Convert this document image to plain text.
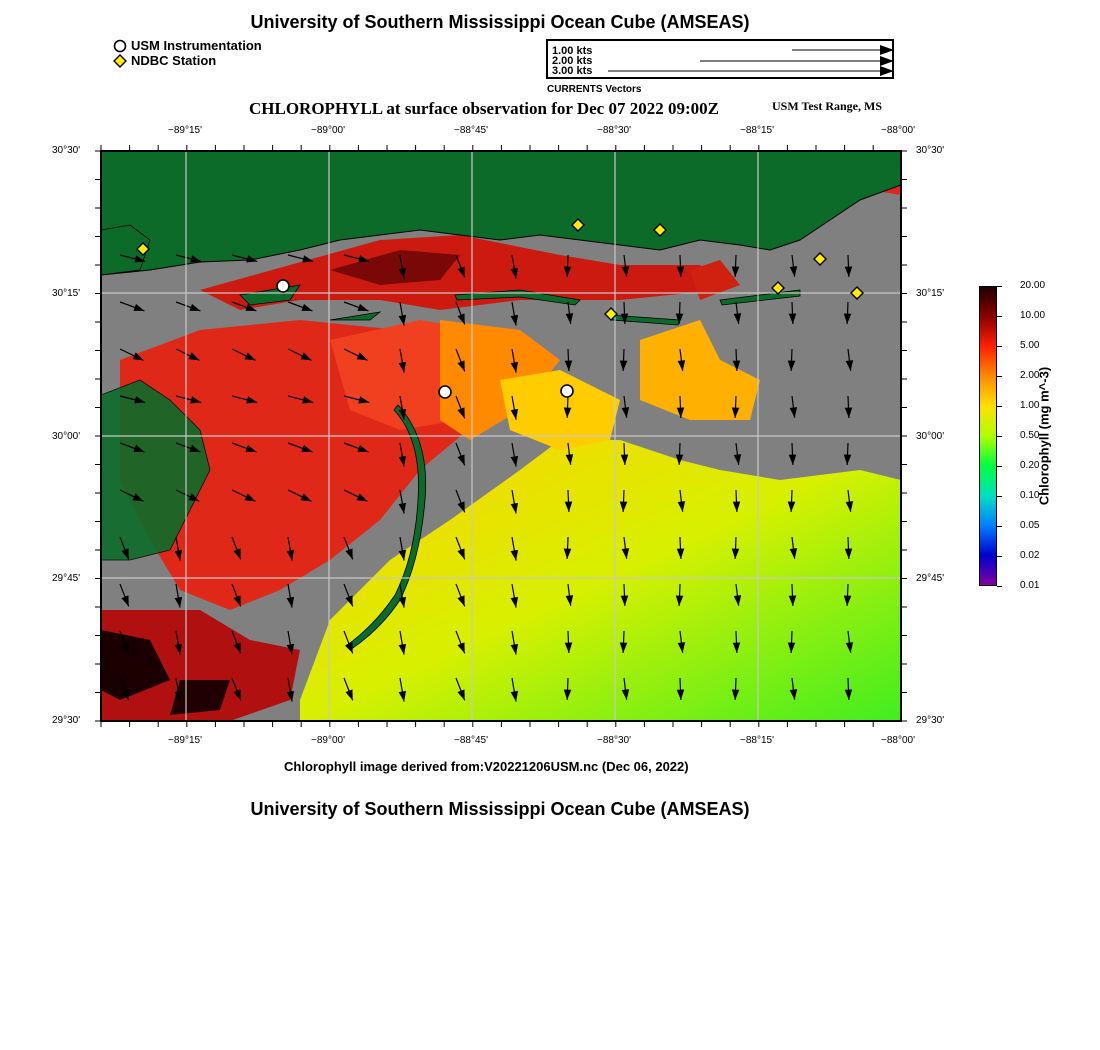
University of Southern Mississippi Ocean Cube (AMSEAS)
USM Instrumentation
NDBC Station
1.00 kts
2.00 kts
3.00 kts
CURRENTS Vectors
CHLOROPHYLL at surface observation for Dec 07 2022 09:00Z	USM Test Range, MS
−89°15'	−89°00'	−88°45'	−88°30'	−88°15'	−88°00'
−89°15'	−89°00'	−88°45'	−88°30'	−88°15'	−88°00'
30°30'
30°15'
30°00'
29°45'
29°30'
30°30'
30°15'
30°00'
29°45'
29°30'
20.00
10.00
5.00
2.00
1.00
0.50
0.20
0.10
0.05
0.02
0.01
Chlorophyll (mg m^-3)
Chlorophyll image derived from:V20221206USM.nc (Dec 06, 2022)
University of Southern Mississippi Ocean Cube (AMSEAS)
